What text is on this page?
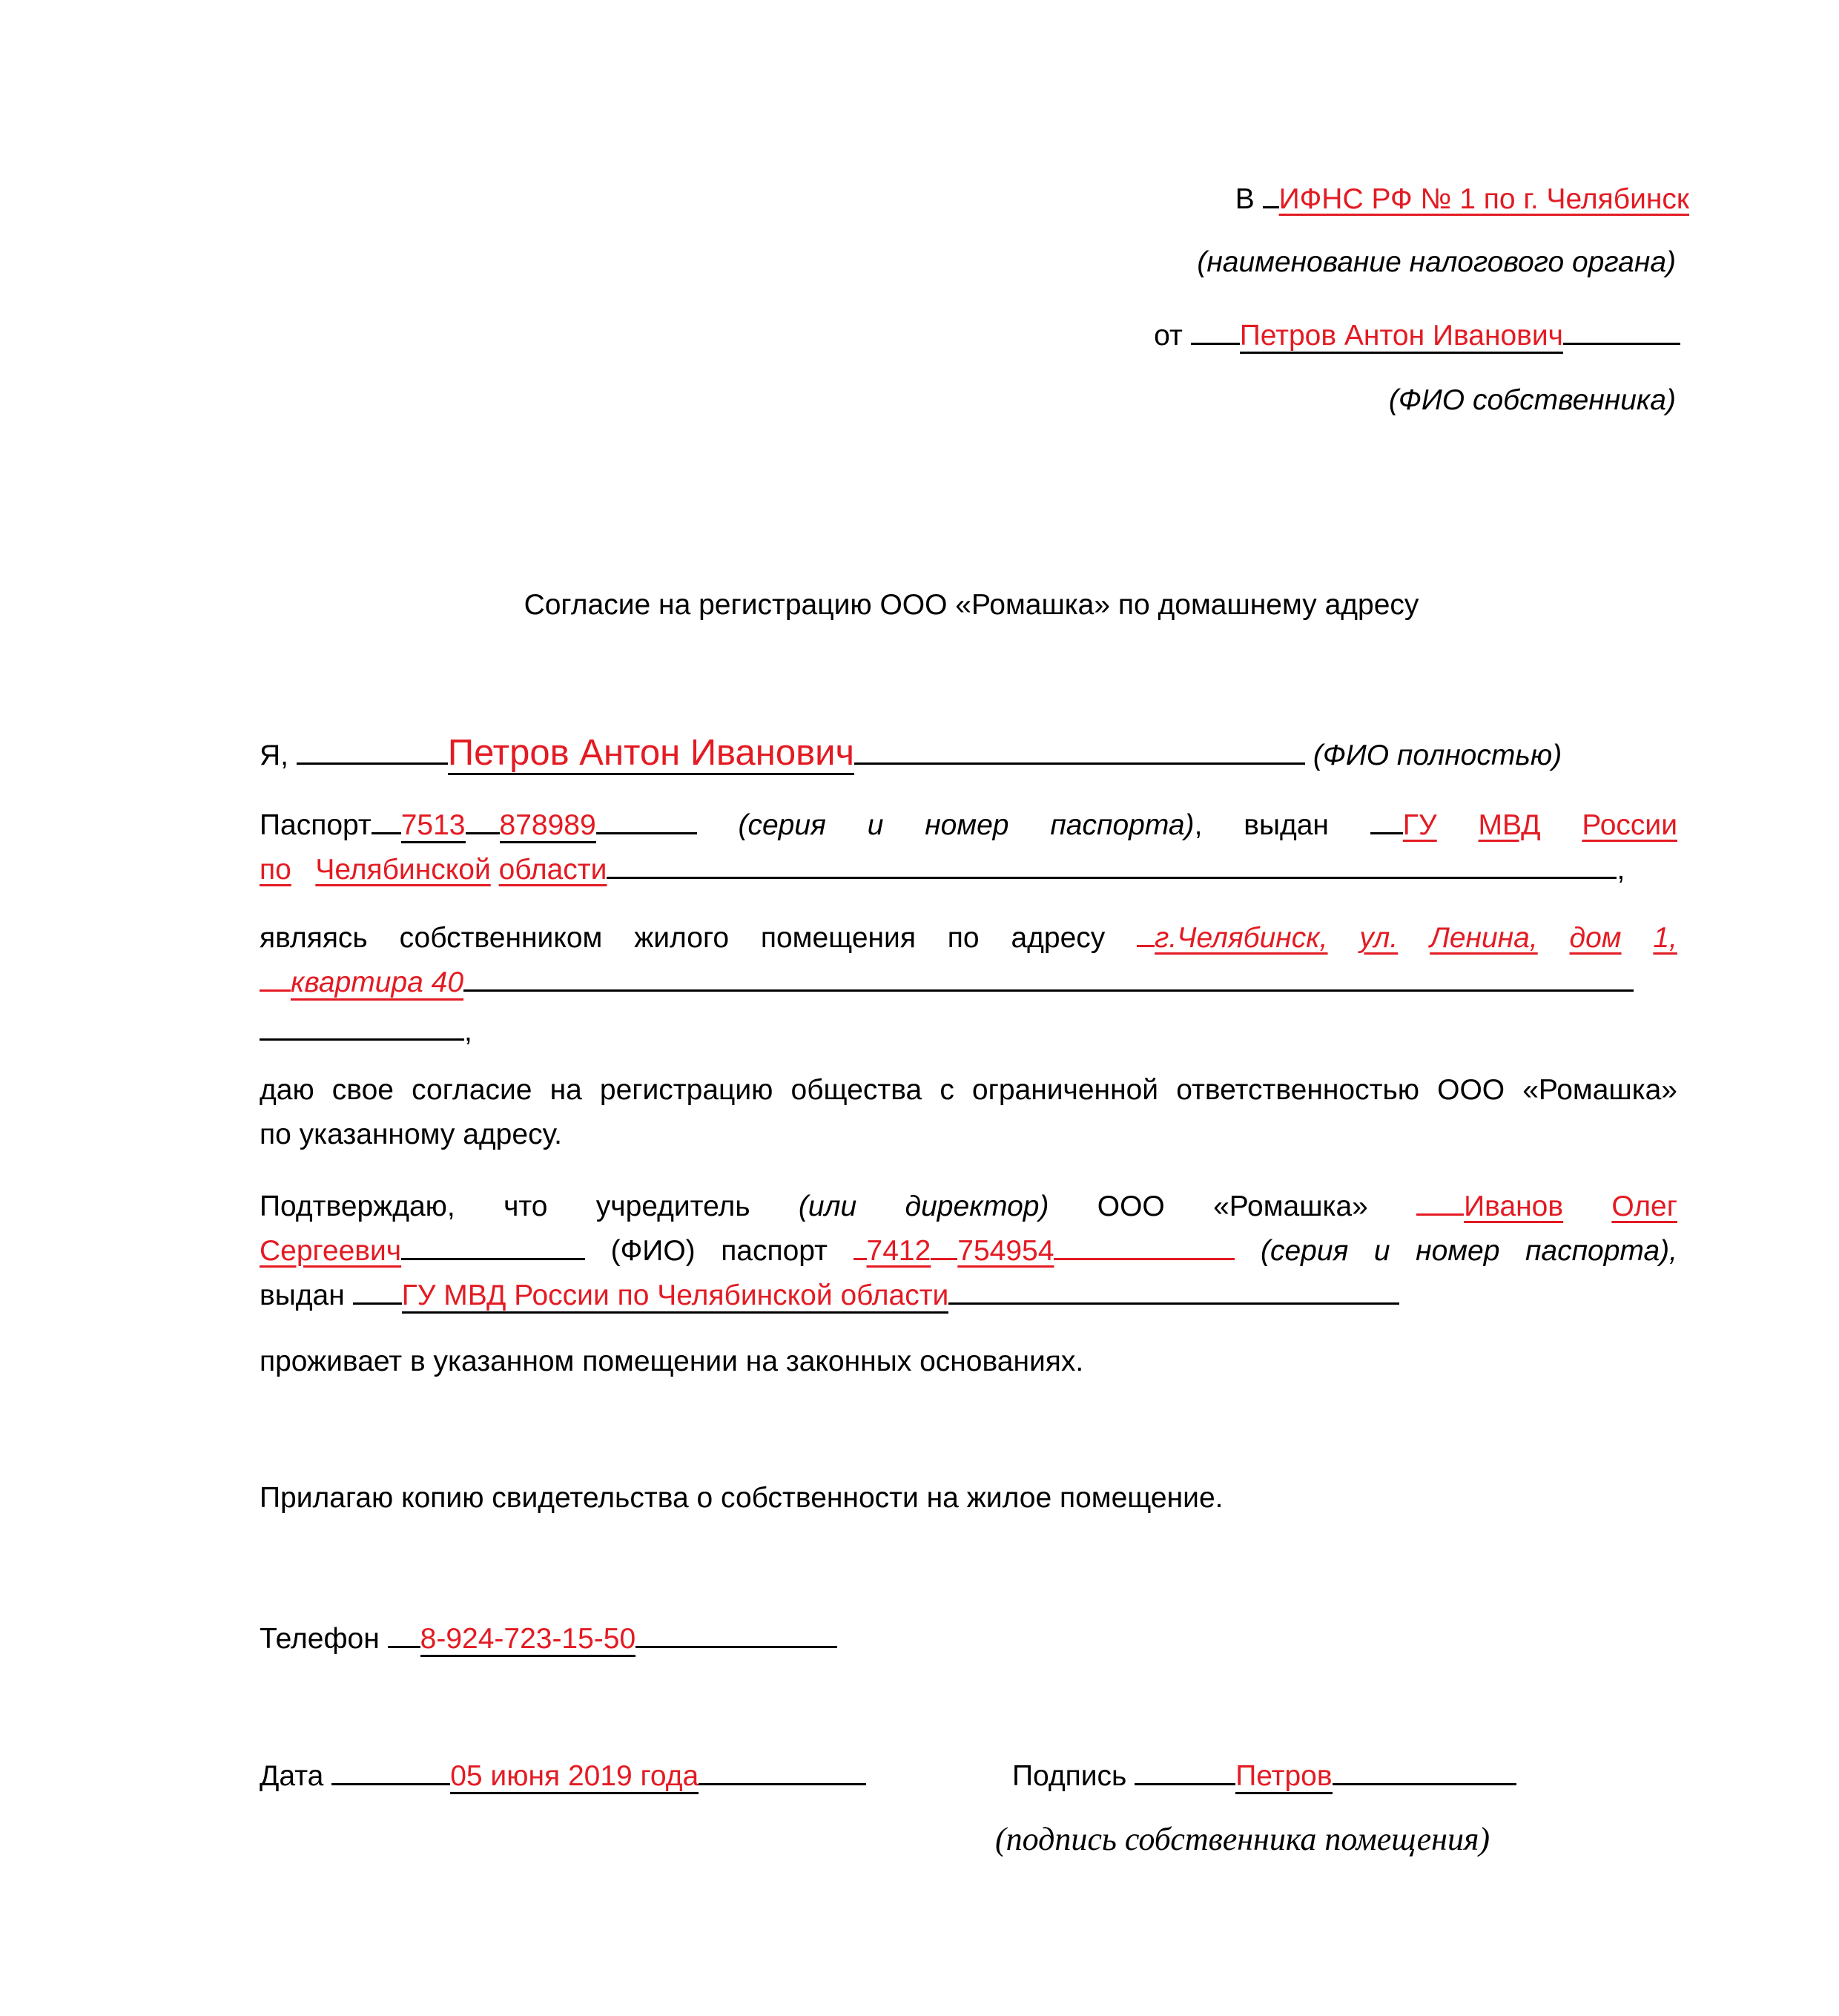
В ИФНС РФ № 1 по г. Челябинск
(наименование налогового органа)
от Петров Антон Иванович
(ФИО собственника)
Согласие на регистрацию ООО «Ромашка» по домашнему адресу
Я,	Петров Антон Иванович	(ФИО полностью)
Паспорт 7513 878989	(серия и номер паспорта), выдан	ГУ МВД России
по Челябинской области	,
являясь собственником жилого помещения по адресу	г.Челябинск, ул. Ленина, дом 1,
квартира 40
,
даю свое согласие на регистрацию общества с ограниченной ответственностью ООО «Ромашка»
по указанному адресу.
Подтверждаю, что учредитель (или директор) ООО «Ромашка»	Иванов Олег
Сергеевич	(ФИО) паспорт	7412 754954	(серия и номер паспорта),
выдан ГУ МВД России по Челябинской области
проживает в указанном помещении на законных основаниях.
Прилагаю копию свидетельства о собственности на жилое помещение.
Телефон 8-924-723-15-50
Дата	05 июня 2019 года	Подпись	Петров
(подпись собственника помещения)
